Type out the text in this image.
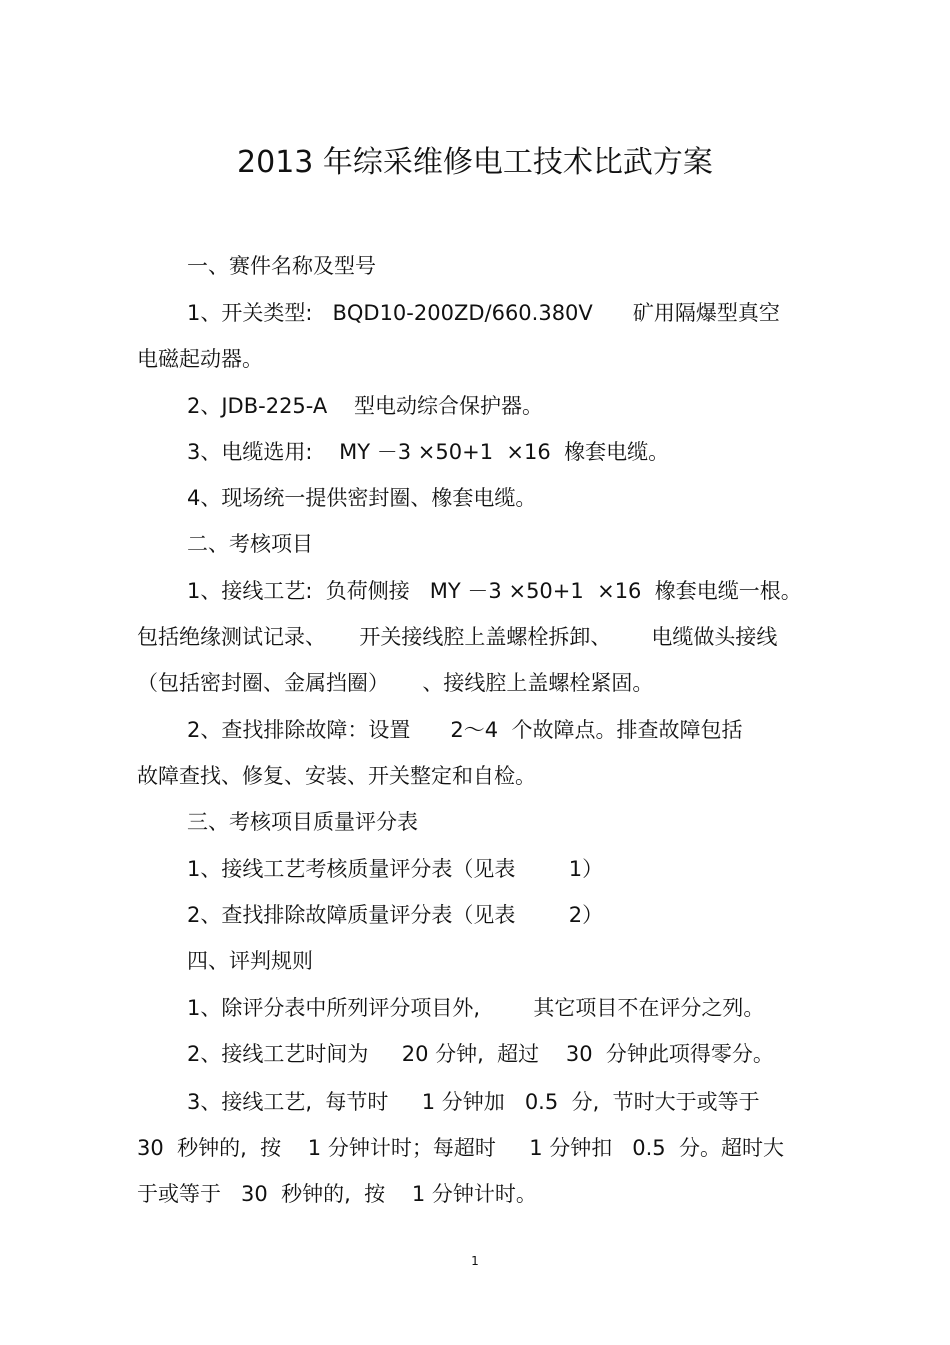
2013 年综采维修电工技术比武方案
一、赛件名称及型号
1、开关类型:   BQD10-200ZD/660.380V      矿用隔爆型真空
电磁起动器。
2、JDB-225-A    型电动综合保护器。
3、电缆选用:    MY －3 ×50+1  ×16  橡套电缆。
4、现场统一提供密封圈、橡套电缆。
二、考核项目
1、接线工艺:  负荷侧接   MY －3 ×50+1  ×16  橡套电缆一根。
包括绝缘测试记录、     开关接线腔上盖螺栓拆卸、      电缆做头接线
（包括密封圈、金属挡圈）     、接线腔上盖螺栓紧固。
2、查找排除故障：设置      2～4  个故障点。排查故障包括
故障查找、修复、安装、开关整定和自检。
三、考核项目质量评分表
1、接线工艺考核质量评分表（见表        1）
2、查找排除故障质量评分表（见表        2）
四、评判规则
1、除评分表中所列评分项目外,        其它项目不在评分之列。
2、接线工艺时间为     20 分钟,  超过    30  分钟此项得零分。
3、接线工艺,  每节时     1 分钟加   0.5  分,  节时大于或等于
30  秒钟的,  按    1 分钟计时；每超时     1 分钟扣   0.5  分。超时大
于或等于   30  秒钟的,  按    1 分钟计时。
1
